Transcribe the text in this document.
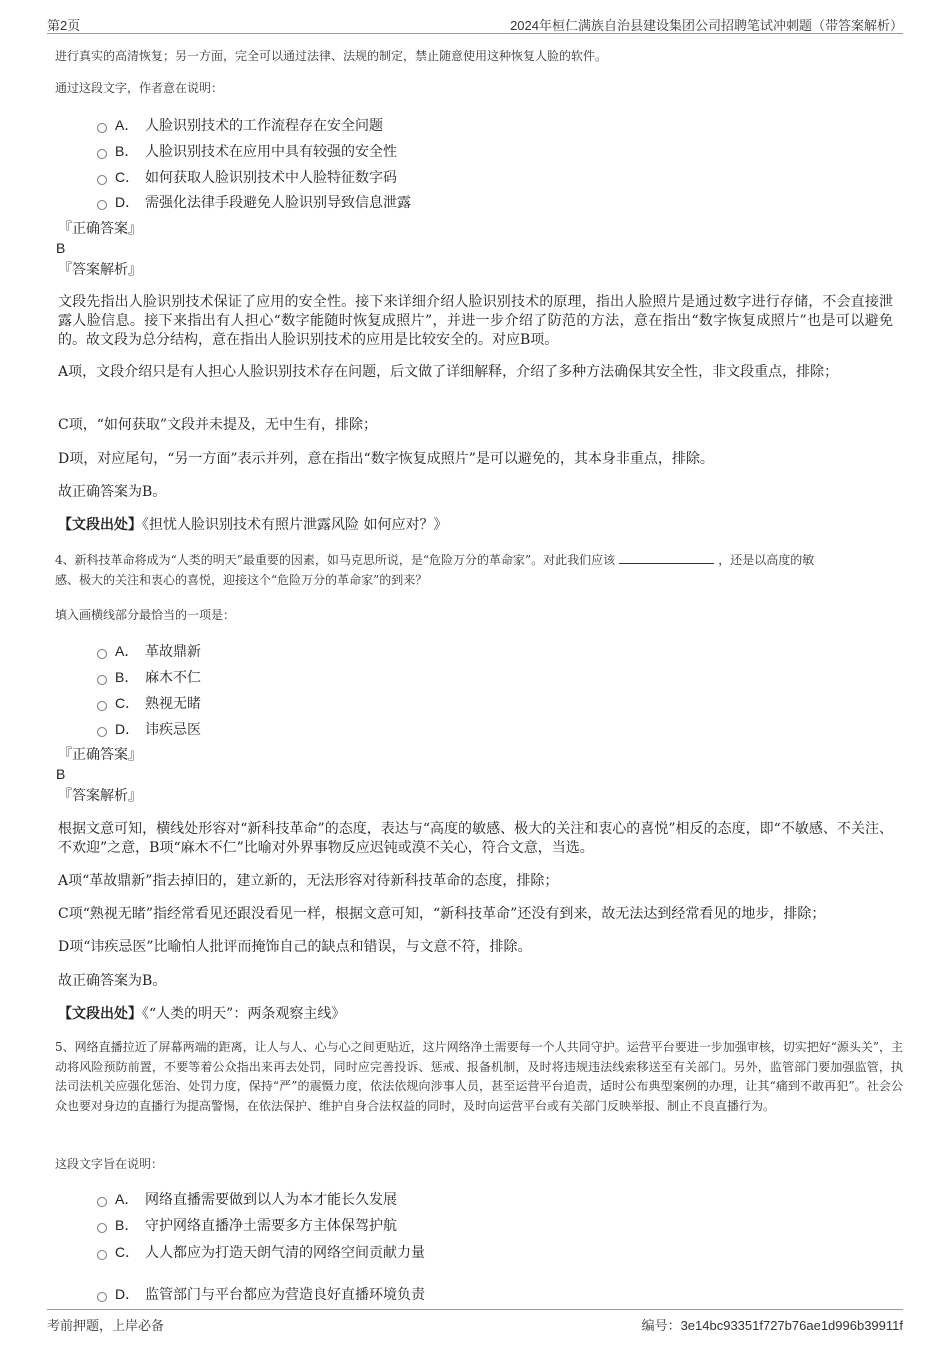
第2页	2024年桓仁满族自治县建设集团公司招聘笔试冲刺题（带答案解析）
进行真实的高清恢复；另一方面，完全可以通过法律、法规的制定，禁止随意使用这种恢复人脸的软件。
通过这段文字，作者意在说明：
A． 人脸识别技术的工作流程存在安全问题
B． 人脸识别技术在应用中具有较强的安全性
C． 如何获取人脸识别技术中人脸特征数字码
D． 需强化法律手段避免人脸识别导致信息泄露
『正确答案』
B
『答案解析』
文段先指出人脸识别技术保证了应用的安全性。接下来详细介绍人脸识别技术的原理，指出人脸照片是通过数字进行存储，不会直接泄露人脸信息。接下来指出有人担心“数字能随时恢复成照片”，并进一步介绍了防范的方法，意在指出“数字恢复成照片”也是可以避免的。故文段为总分结构，意在指出人脸识别技术的应用是比较安全的。对应B项。
A项，文段介绍只是有人担心人脸识别技术存在问题，后文做了详细解释，介绍了多种方法确保其安全性，非文段重点，排除；
C项，“如何获取”文段并未提及，无中生有，排除；
D项，对应尾句，“另一方面”表示并列，意在指出“数字恢复成照片”是可以避免的，其本身非重点，排除。
故正确答案为B。
【文段出处】《担忧人脸识别技术有照片泄露风险 如何应对？》
4、新科技革命将成为“人类的明天”最重要的因素，如马克思所说，是“危险万分的革命家”。对此我们应该	，还是以高度的敏
感、极大的关注和衷心的喜悦，迎接这个“危险万分的革命家”的到来？
填入画横线部分最恰当的一项是：
A． 革故鼎新
B． 麻木不仁
C． 熟视无睹
D． 讳疾忌医
『正确答案』
B
『答案解析』
根据文意可知，横线处形容对“新科技革命”的态度，表达与“高度的敏感、极大的关注和衷心的喜悦”相反的态度，即“不敏感、不关注、不欢迎”之意，B项“麻木不仁”比喻对外界事物反应迟钝或漠不关心，符合文意，当选。
A项“革故鼎新”指去掉旧的，建立新的，无法形容对待新科技革命的态度，排除；
C项“熟视无睹”指经常看见还跟没看见一样，根据文意可知，“新科技革命”还没有到来，故无法达到经常看见的地步，排除；
D项“讳疾忌医”比喻怕人批评而掩饰自己的缺点和错误，与文意不符，排除。
故正确答案为B。
【文段出处】《“人类的明天”：两条观察主线》
5、网络直播拉近了屏幕两端的距离，让人与人、心与心之间更贴近，这片网络净土需要每一个人共同守护。运营平台要进一步加强审核，切实把好“源头关”，主动将风险预防前置，不要等着公众指出来再去处罚，同时应完善投诉、惩戒、报备机制，及时将违规违法线索移送至有关部门。另外，监管部门要加强监管，执法司法机关应强化惩治、处罚力度，保持“严”的震慑力度，依法依规向涉事人员，甚至运营平台追责，适时公布典型案例的办理，让其“痛到不敢再犯”。社会公众也要对身边的直播行为提高警惕，在依法保护、维护自身合法权益的同时，及时向运营平台或有关部门反映举报、制止不良直播行为。
这段文字旨在说明：
A． 网络直播需要做到以人为本才能长久发展
B． 守护网络直播净土需要多方主体保驾护航
C． 人人都应为打造天朗气清的网络空间贡献力量
D． 监管部门与平台都应为营造良好直播环境负责
考前押题，上岸必备	编号：3e14bc93351f727b76ae1d996b39911f
